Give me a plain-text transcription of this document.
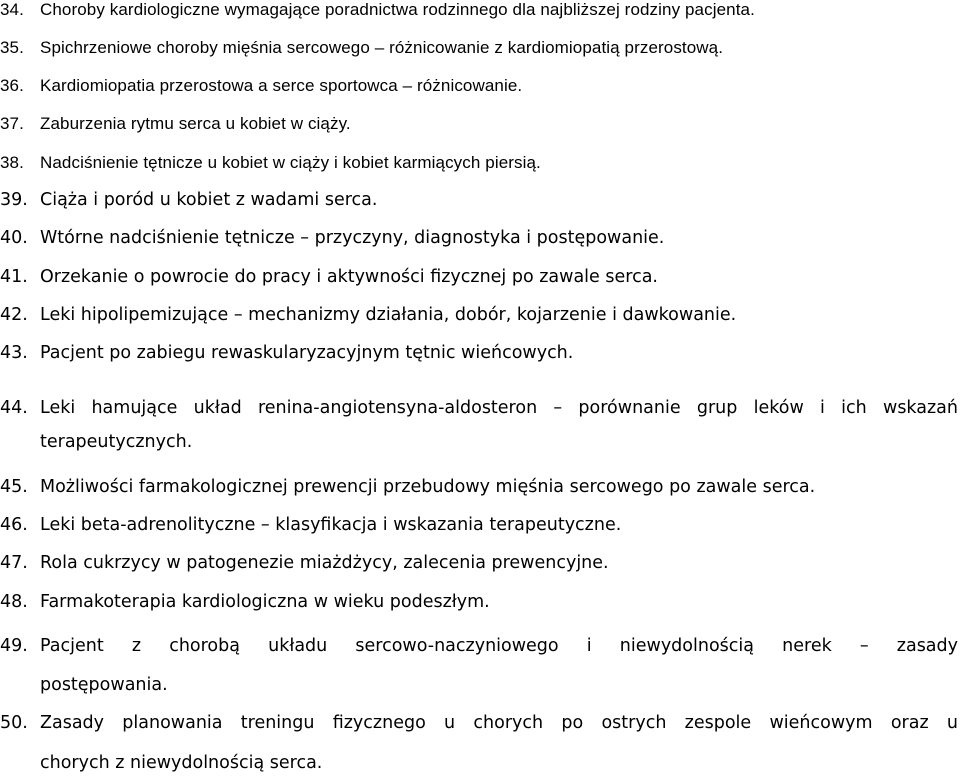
34. Choroby kardiologiczne wymagające poradnictwa rodzinnego dla najbliższej rodziny pacjenta.
35. Spichrzeniowe choroby mięśnia sercowego – różnicowanie z kardiomiopatią przerostową.
36. Kardiomiopatia przerostowa a serce sportowca – różnicowanie.
37. Zaburzenia rytmu serca u kobiet w ciąży.
38. Nadciśnienie tętnicze u kobiet w ciąży i kobiet karmiących piersią.
39. Ciąża i poród u kobiet z wadami serca.
40. Wtórne nadciśnienie tętnicze – przyczyny, diagnostyka i postępowanie.
41. Orzekanie o powrocie do pracy i aktywności fizycznej po zawale serca.
42. Leki hipolipemizujące – mechanizmy działania, dobór, kojarzenie i dawkowanie.
43. Pacjent po zabiegu rewaskularyzacyjnym tętnic wieńcowych.
44. Leki hamujące układ renina-angiotensyna-aldosteron – porównanie grup leków i ich wskazań
terapeutycznych.
45. Możliwości farmakologicznej prewencji przebudowy mięśnia sercowego po zawale serca.
46. Leki beta-adrenolityczne – klasyfikacja i wskazania terapeutyczne.
47. Rola cukrzycy w patogenezie miażdżycy, zalecenia prewencyjne.
48. Farmakoterapia kardiologiczna w wieku podeszłym.
49. Pacjent z chorobą układu sercowo-naczyniowego i niewydolnością nerek – zasady
postępowania.
50. Zasady planowania treningu fizycznego u chorych po ostrych zespole wieńcowym oraz u
chorych z niewydolnością serca.
